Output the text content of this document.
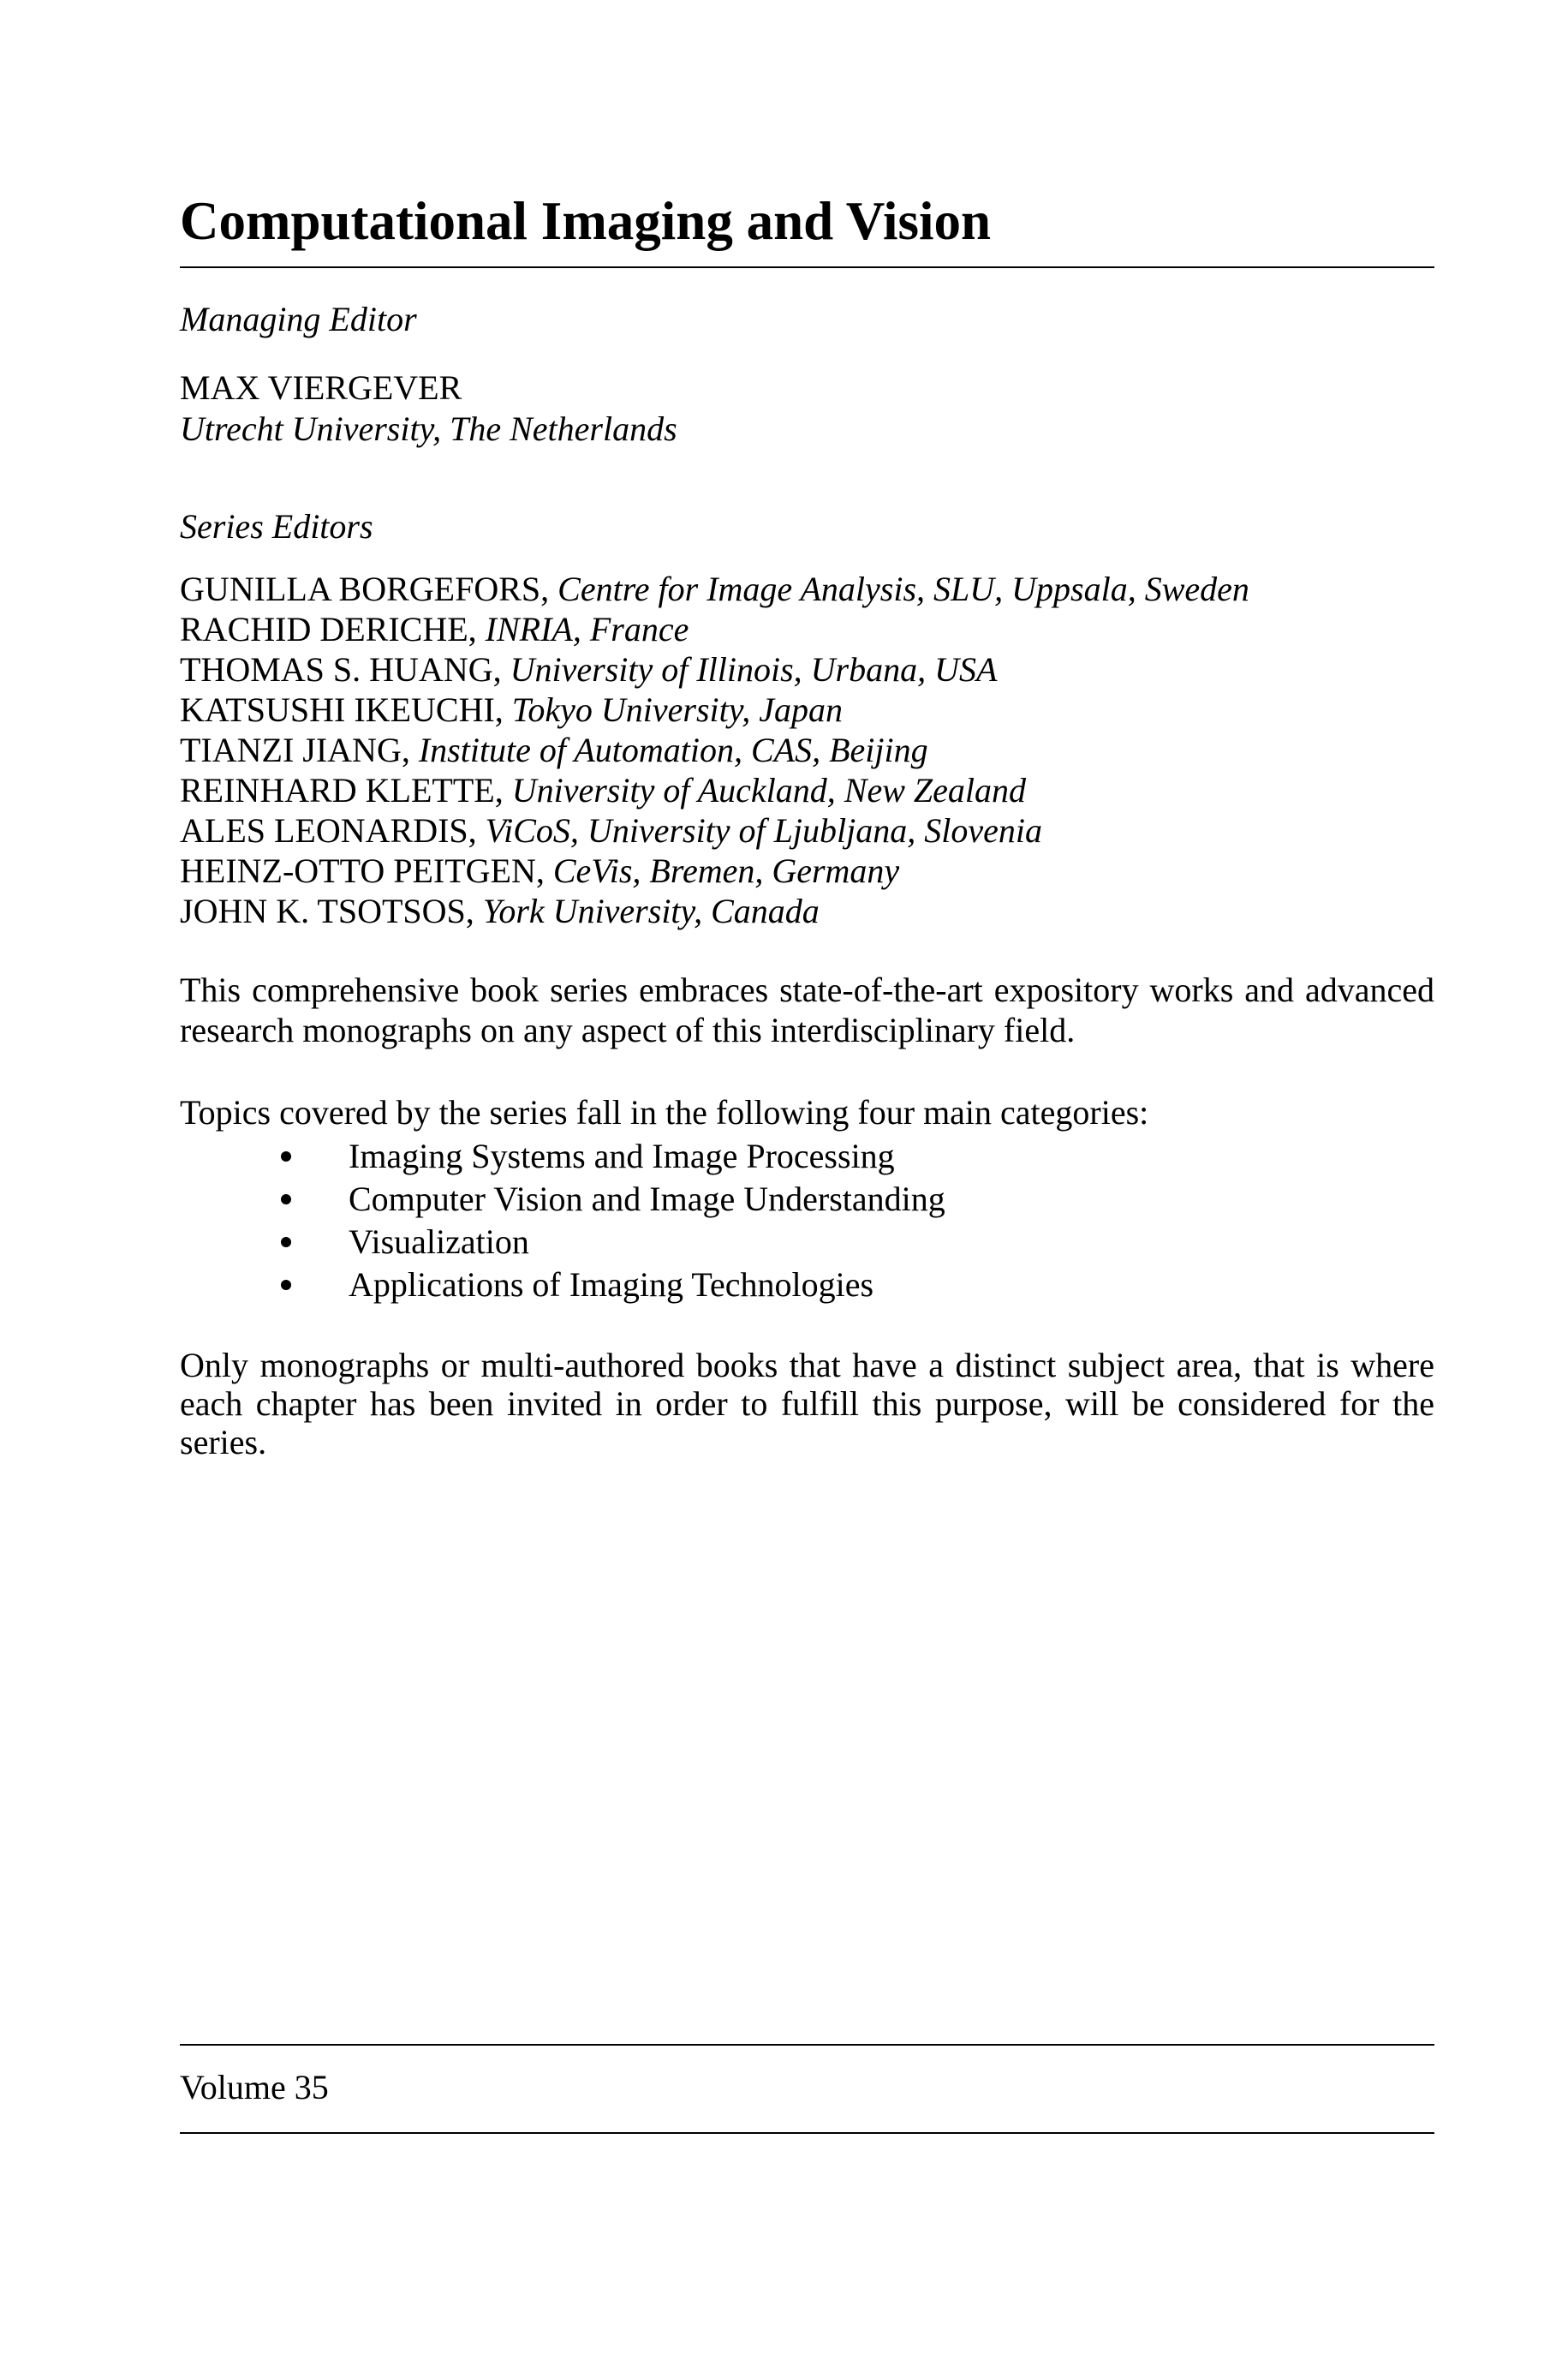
Computational Imaging and Vision
Managing Editor
MAX VIERGEVER
Utrecht University, The Netherlands
Series Editors
GUNILLA BORGEFORS, Centre for Image Analysis, SLU, Uppsala, Sweden
RACHID DERICHE, INRIA, France
THOMAS S. HUANG, University of Illinois, Urbana, USA
KATSUSHI IKEUCHI, Tokyo University, Japan
TIANZI JIANG, Institute of Automation, CAS, Beijing
REINHARD KLETTE, University of Auckland, New Zealand
ALES LEONARDIS, ViCoS, University of Ljubljana, Slovenia
HEINZ-OTTO PEITGEN, CeVis, Bremen, Germany
JOHN K. TSOTSOS, York University, Canada
This comprehensive book series embraces state-of-the-art expository works and advanced research monographs on any aspect of this interdisciplinary field.
Topics covered by the series fall in the following four main categories:
Imaging Systems and Image Processing
Computer Vision and Image Understanding
Visualization
Applications of Imaging Technologies
Only monographs or multi-authored books that have a distinct subject area, that is where each chapter has been invited in order to fulfill this purpose, will be considered for the series.
Volume 35
